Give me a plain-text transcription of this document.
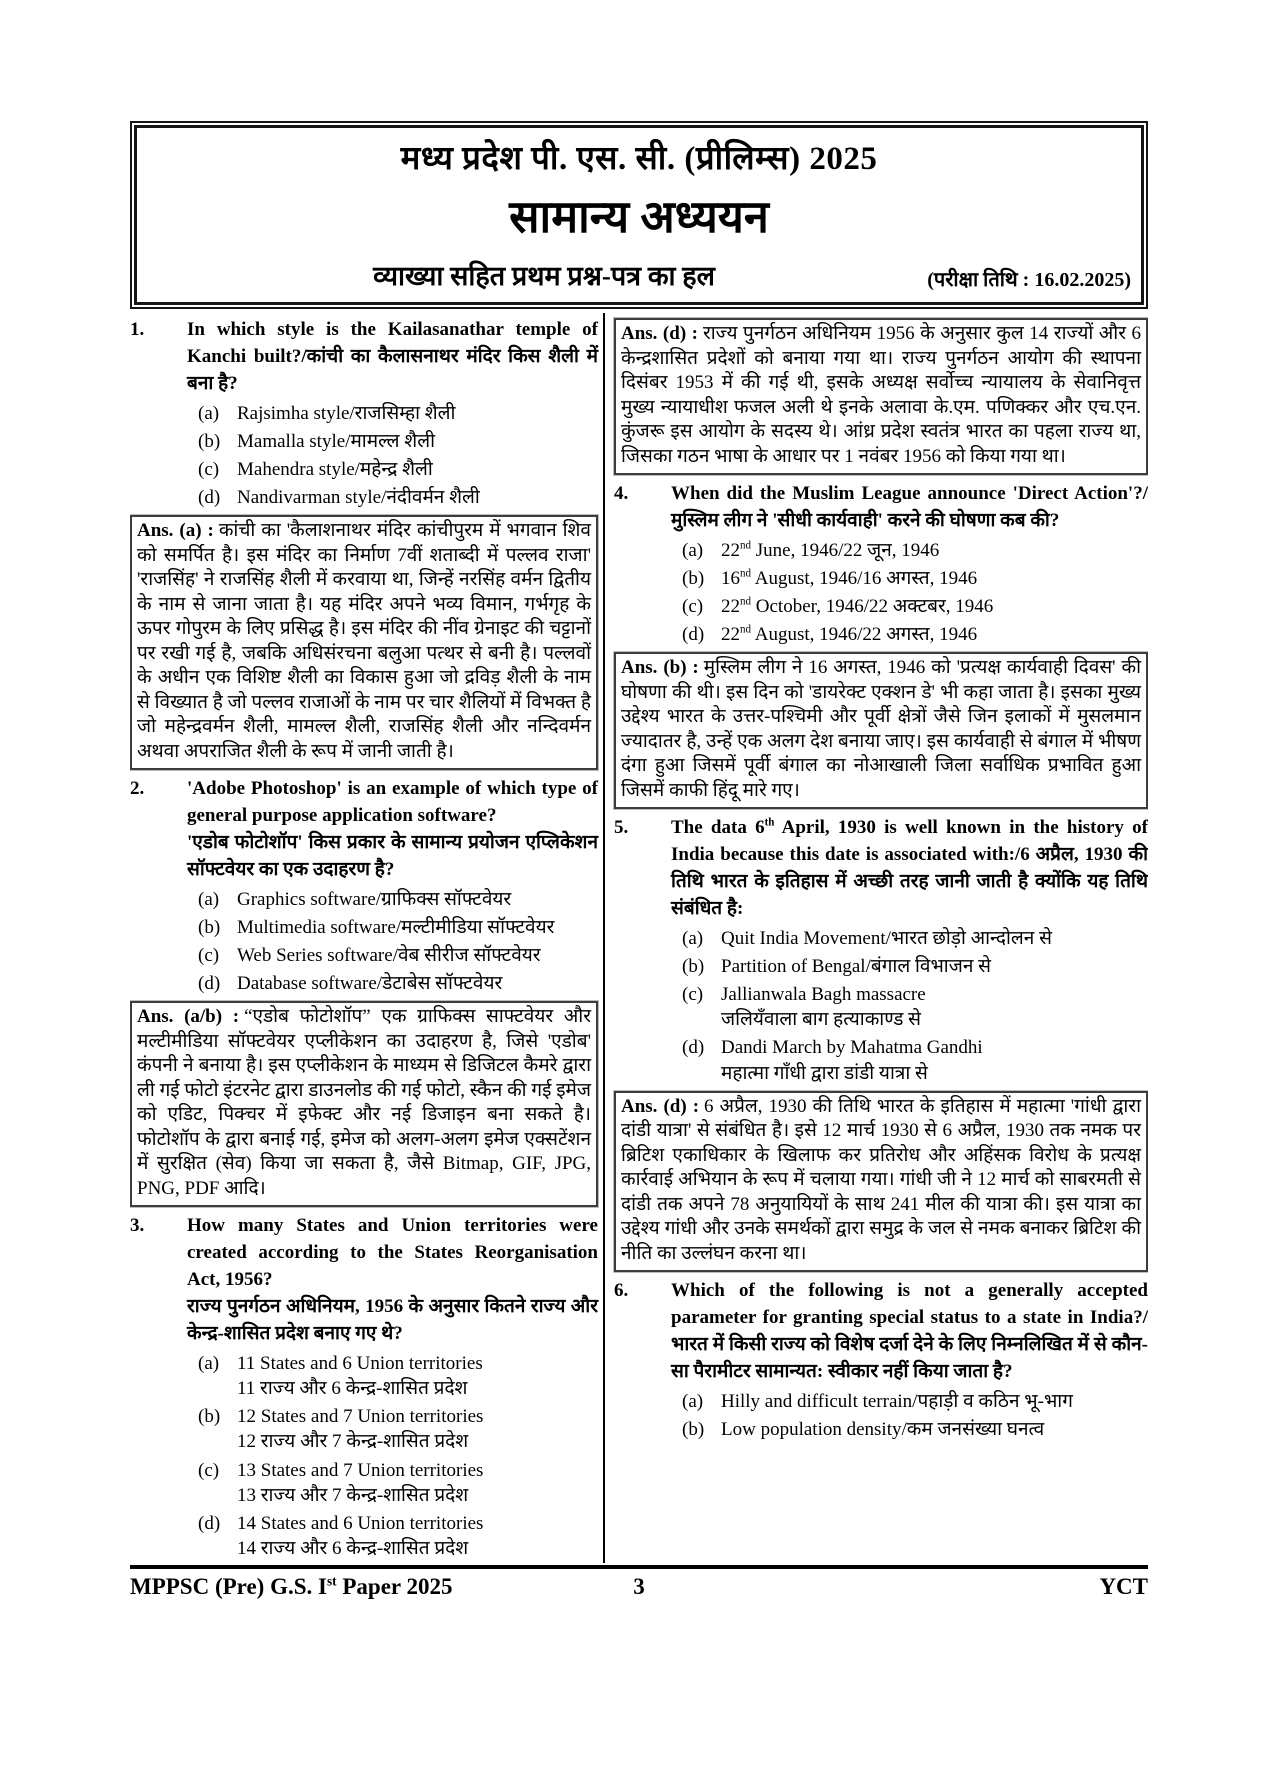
मध्य प्रदेश पी. एस. सी. (प्रीलिम्स) 2025
सामान्य अध्ययन
व्याख्या सहित प्रथम प्रश्न-पत्र का हल	(परीक्षा तिथि : 16.02.2025)
1.	In which style is the Kailasanathar temple of Kanchi built?/कांची का कैलासनाथर मंदिर किस शैली में बना है?
(a) Rajsimha style/राजसिम्हा शैली
(b) Mamalla style/मामल्ल शैली
(c) Mahendra style/महेन्द्र शैली
(d) Nandivarman style/नंदीवर्मन शैली
Ans. (a) : कांची का 'कैलाशनाथर मंदिर कांचीपुरम में भगवान शिव को समर्पित है। इस मंदिर का निर्माण 7वीं शताब्दी में पल्लव राजा' 'राजसिंह' ने राजसिंह शैली में करवाया था, जिन्हें नरसिंह वर्मन द्वितीय के नाम से जाना जाता है। यह मंदिर अपने भव्य विमान, गर्भगृह के ऊपर गोपुरम के लिए प्रसिद्ध है। इस मंदिर की नींव ग्रेनाइट की चट्टानों पर रखी गई है, जबकि अधिसंरचना बलुआ पत्थर से बनी है। पल्लवों के अधीन एक विशिष्ट शैली का विकास हुआ जो द्रविड़ शैली के नाम से विख्यात है जो पल्लव राजाओं के नाम पर चार शैलियों में विभक्त है जो महेन्द्रवर्मन शैली, मामल्ल शैली, राजसिंह शैली और नन्दिवर्मन अथवा अपराजित शैली के रूप में जानी जाती है।
2.	'Adobe Photoshop' is an example of which type of general purpose application software?
'एडोब फोटोशॉप' किस प्रकार के सामान्य प्रयोजन एप्लिकेशन सॉफ्टवेयर का एक उदाहरण है?
(a) Graphics software/ग्राफिक्स सॉफ्टवेयर
(b) Multimedia software/मल्टीमीडिया सॉफ्टवेयर
(c) Web Series software/वेब सीरीज सॉफ्टवेयर
(d) Database software/डेटाबेस सॉफ्टवेयर
Ans. (a/b) : “एडोब फोटोशॉप” एक ग्राफिक्स साफ्टवेयर और मल्टीमीडिया सॉफ्टवेयर एप्लीकेशन का उदाहरण है, जिसे 'एडोब' कंपनी ने बनाया है। इस एप्लीकेशन के माध्यम से डिजिटल कैमरे द्वारा ली गई फोटो इंटरनेट द्वारा डाउनलोड की गई फोटो, स्कैन की गई इमेज को एडिट, पिक्चर में इफेक्ट और नई डिजाइन बना सकते है। फोटोशॉप के द्वारा बनाई गई, इमेज को अलग-अलग इमेज एक्सटेंशन में सुरक्षित (सेव) किया जा सकता है, जैसे Bitmap, GIF, JPG, PNG, PDF आदि।
3.	How many States and Union territories were created according to the States Reorganisation Act, 1956?
राज्य पुनर्गठन अधिनियम, 1956 के अनुसार कितने राज्य और केन्द्र-शासित प्रदेश बनाए गए थे?
(a) 11 States and 6 Union territories
11 राज्य और 6 केन्द्र-शासित प्रदेश
(b) 12 States and 7 Union territories
12 राज्य और 7 केन्द्र-शासित प्रदेश
(c) 13 States and 7 Union territories
13 राज्य और 7 केन्द्र-शासित प्रदेश
(d) 14 States and 6 Union territories
14 राज्य और 6 केन्द्र-शासित प्रदेश
Ans. (d) : राज्य पुनर्गठन अधिनियम 1956 के अनुसार कुल 14 राज्यों और 6 केन्द्रशासित प्रदेशों को बनाया गया था। राज्य पुनर्गठन आयोग की स्थापना दिसंबर 1953 में की गई थी, इसके अध्यक्ष सर्वोच्च न्यायालय के सेवानिवृत्त मुख्य न्यायाधीश फजल अली थे इनके अलावा के.एम. पणिक्कर और एच.एन. कुंजरू इस आयोग के सदस्य थे। आंध्र प्रदेश स्वतंत्र भारत का पहला राज्य था, जिसका गठन भाषा के आधार पर 1 नवंबर 1956 को किया गया था।
4.	When did the Muslim League announce 'Direct Action'?/मुस्लिम लीग ने 'सीधी कार्यवाही' करने की घोषणा कब की?
(a) 22nd June, 1946/22 जून, 1946
(b) 16nd August, 1946/16 अगस्त, 1946
(c) 22nd October, 1946/22 अक्टबर, 1946
(d) 22nd August, 1946/22 अगस्त, 1946
Ans. (b) : मुस्लिम लीग ने 16 अगस्त, 1946 को 'प्रत्यक्ष कार्यवाही दिवस' की घोषणा की थी। इस दिन को 'डायरेक्ट एक्शन डे' भी कहा जाता है। इसका मुख्य उद्देश्य भारत के उत्तर-पश्चिमी और पूर्वी क्षेत्रों जैसे जिन इलाकों में मुसलमान ज्यादातर है, उन्हें एक अलग देश बनाया जाए। इस कार्यवाही से बंगाल में भीषण दंगा हुआ जिसमें पूर्वी बंगाल का नोआखाली जिला सर्वाधिक प्रभावित हुआ जिसमें काफी हिंदू मारे गए।
5.	The data 6th April, 1930 is well known in the history of India because this date is associated with:/6 अप्रैल, 1930 की तिथि भारत के इतिहास में अच्छी तरह जानी जाती है क्योंकि यह तिथि संबंधित है:
(a) Quit India Movement/भारत छोड़ो आन्दोलन से
(b) Partition of Bengal/बंगाल विभाजन से
(c) Jallianwala Bagh massacre
जलियँवाला बाग हत्याकाण्ड से
(d) Dandi March by Mahatma Gandhi
महात्मा गाँधी द्वारा डांडी यात्रा से
Ans. (d) : 6 अप्रैल, 1930 की तिथि भारत के इतिहास में महात्मा 'गांधी द्वारा दांडी यात्रा' से संबंधित है। इसे 12 मार्च 1930 से 6 अप्रैल, 1930 तक नमक पर ब्रिटिश एकाधिकार के खिलाफ कर प्रतिरोध और अहिंसक विरोध के प्रत्यक्ष कार्रवाई अभियान के रूप में चलाया गया। गांधी जी ने 12 मार्च को साबरमती से दांडी तक अपने 78 अनुयायियों के साथ 241 मील की यात्रा की। इस यात्रा का उद्देश्य गांधी और उनके समर्थकों द्वारा समुद्र के जल से नमक बनाकर ब्रिटिश की नीति का उल्लंघन करना था।
6.	Which of the following is not a generally accepted parameter for granting special status to a state in India?/भारत में किसी राज्य को विशेष दर्जा देने के लिए निम्नलिखित में से कौन-सा पैरामीटर सामान्यत: स्वीकार नहीं किया जाता है?
(a) Hilly and difficult terrain/पहाड़ी व कठिन भू-भाग
(b) Low population density/कम जनसंख्या घनत्व
MPPSC (Pre) G.S. Ist Paper 2025	3	YCT
